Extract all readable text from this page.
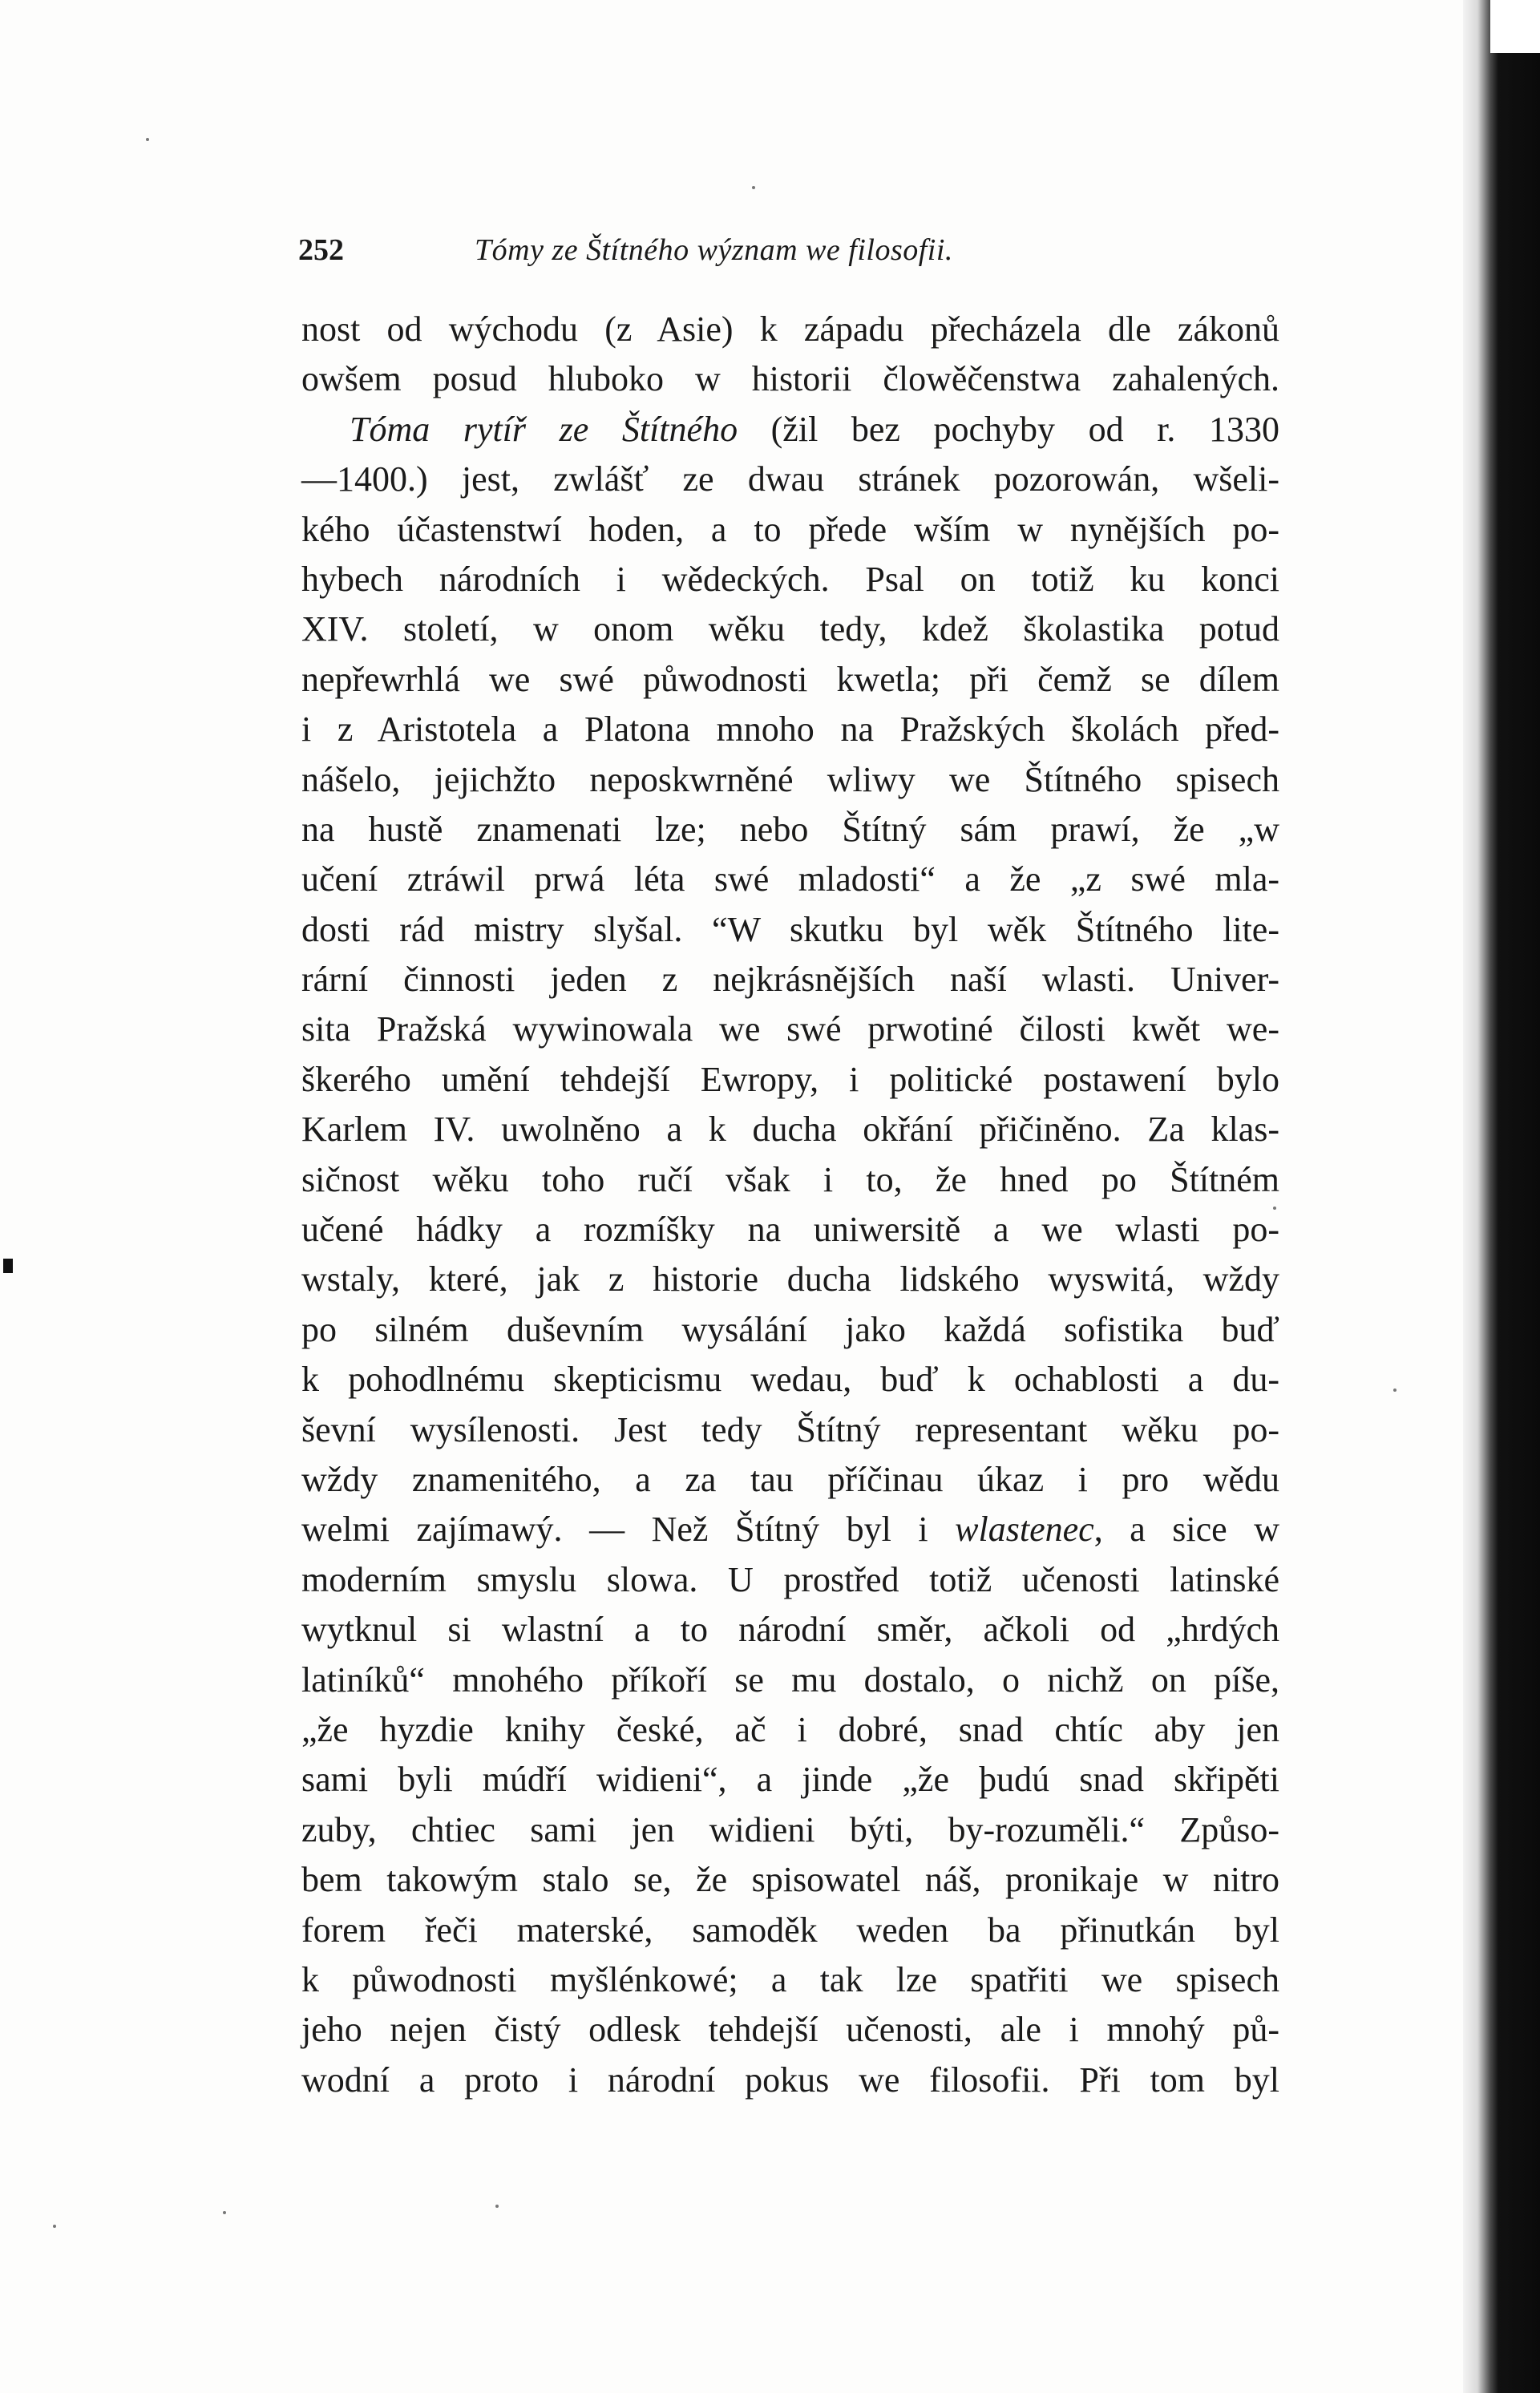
252	Tómy ze Štítného wýznam we filosofii.
nost od wýchodu (z Asie) k západu přecházela dle zákonů
owšem posud hluboko w historii člowěčenstwa zahalených.
Tóma rytíř ze Štítného (žil bez pochyby od r. 1330
—1400.) jest, zwlášť ze dwau stránek pozorowán, wšeli-
kého účastenstwí hoden, a to přede wším w nynějších po-
hybech národních i wědeckých. Psal on totiž ku konci
XIV. století, w onom wěku tedy, kdež školastika potud
nepřewrhlá we swé půwodnosti kwetla; při čemž se dílem
i z Aristotela a Platona mnoho na Pražských školách před-
nášelo, jejichžto neposkwrněné wliwy we Štítného spisech
na hustě znamenati lze; nebo Štítný sám prawí, že „w
učení ztráwil prwá léta swé mladosti“ a že „z swé mla-
dosti rád mistry slyšal. “W skutku byl wěk Štítného lite-
rární činnosti jeden z nejkrásnějších naší wlasti. Univer-
sita Pražská wywinowala we swé prwotiné čilosti kwět we-
škerého umění tehdejší Ewropy, i politické postawení bylo
Karlem IV. uwolněno a k ducha okřání přičiněno. Za klas-
sičnost wěku toho ručí však i to, že hned po Štítném
učené hádky a rozmíšky na uniwersitě a we wlasti po-
wstaly, které, jak z historie ducha lidského wyswitá, wždy
po silném duševním wysálání jako každá sofistika buď
k pohodlnému skepticismu wedau, buď k ochablosti a du-
ševní wysílenosti. Jest tedy Štítný representant wěku po-
wždy znamenitého, a za tau příčinau úkaz i pro wědu
welmi zajímawý. — Než Štítný byl i wlastenec, a sice w
moderním smyslu slowa. U prostřed totiž učenosti latinské
wytknul si wlastní a to národní směr, ačkoli od „hrdých
latiníků“ mnohého příkoří se mu dostalo, o nichž on píše,
„že hyzdie knihy české, ač i dobré, snad chtíc aby jen
sami byli múdří widieni“, a jinde „že þudú snad skřipěti
zuby, chtiec sami jen widieni býti, by-rozuměli.“ Způso-
bem takowým stalo se, že spisowatel náš, pronikaje w nitro
forem řeči materské, samoděk weden ba přinutkán byl
k půwodnosti myšlénkowé; a tak lze spatřiti we spisech
jeho nejen čistý odlesk tehdejší učenosti, ale i mnohý pů-
wodní a proto i národní pokus we filosofii. Při tom byl
